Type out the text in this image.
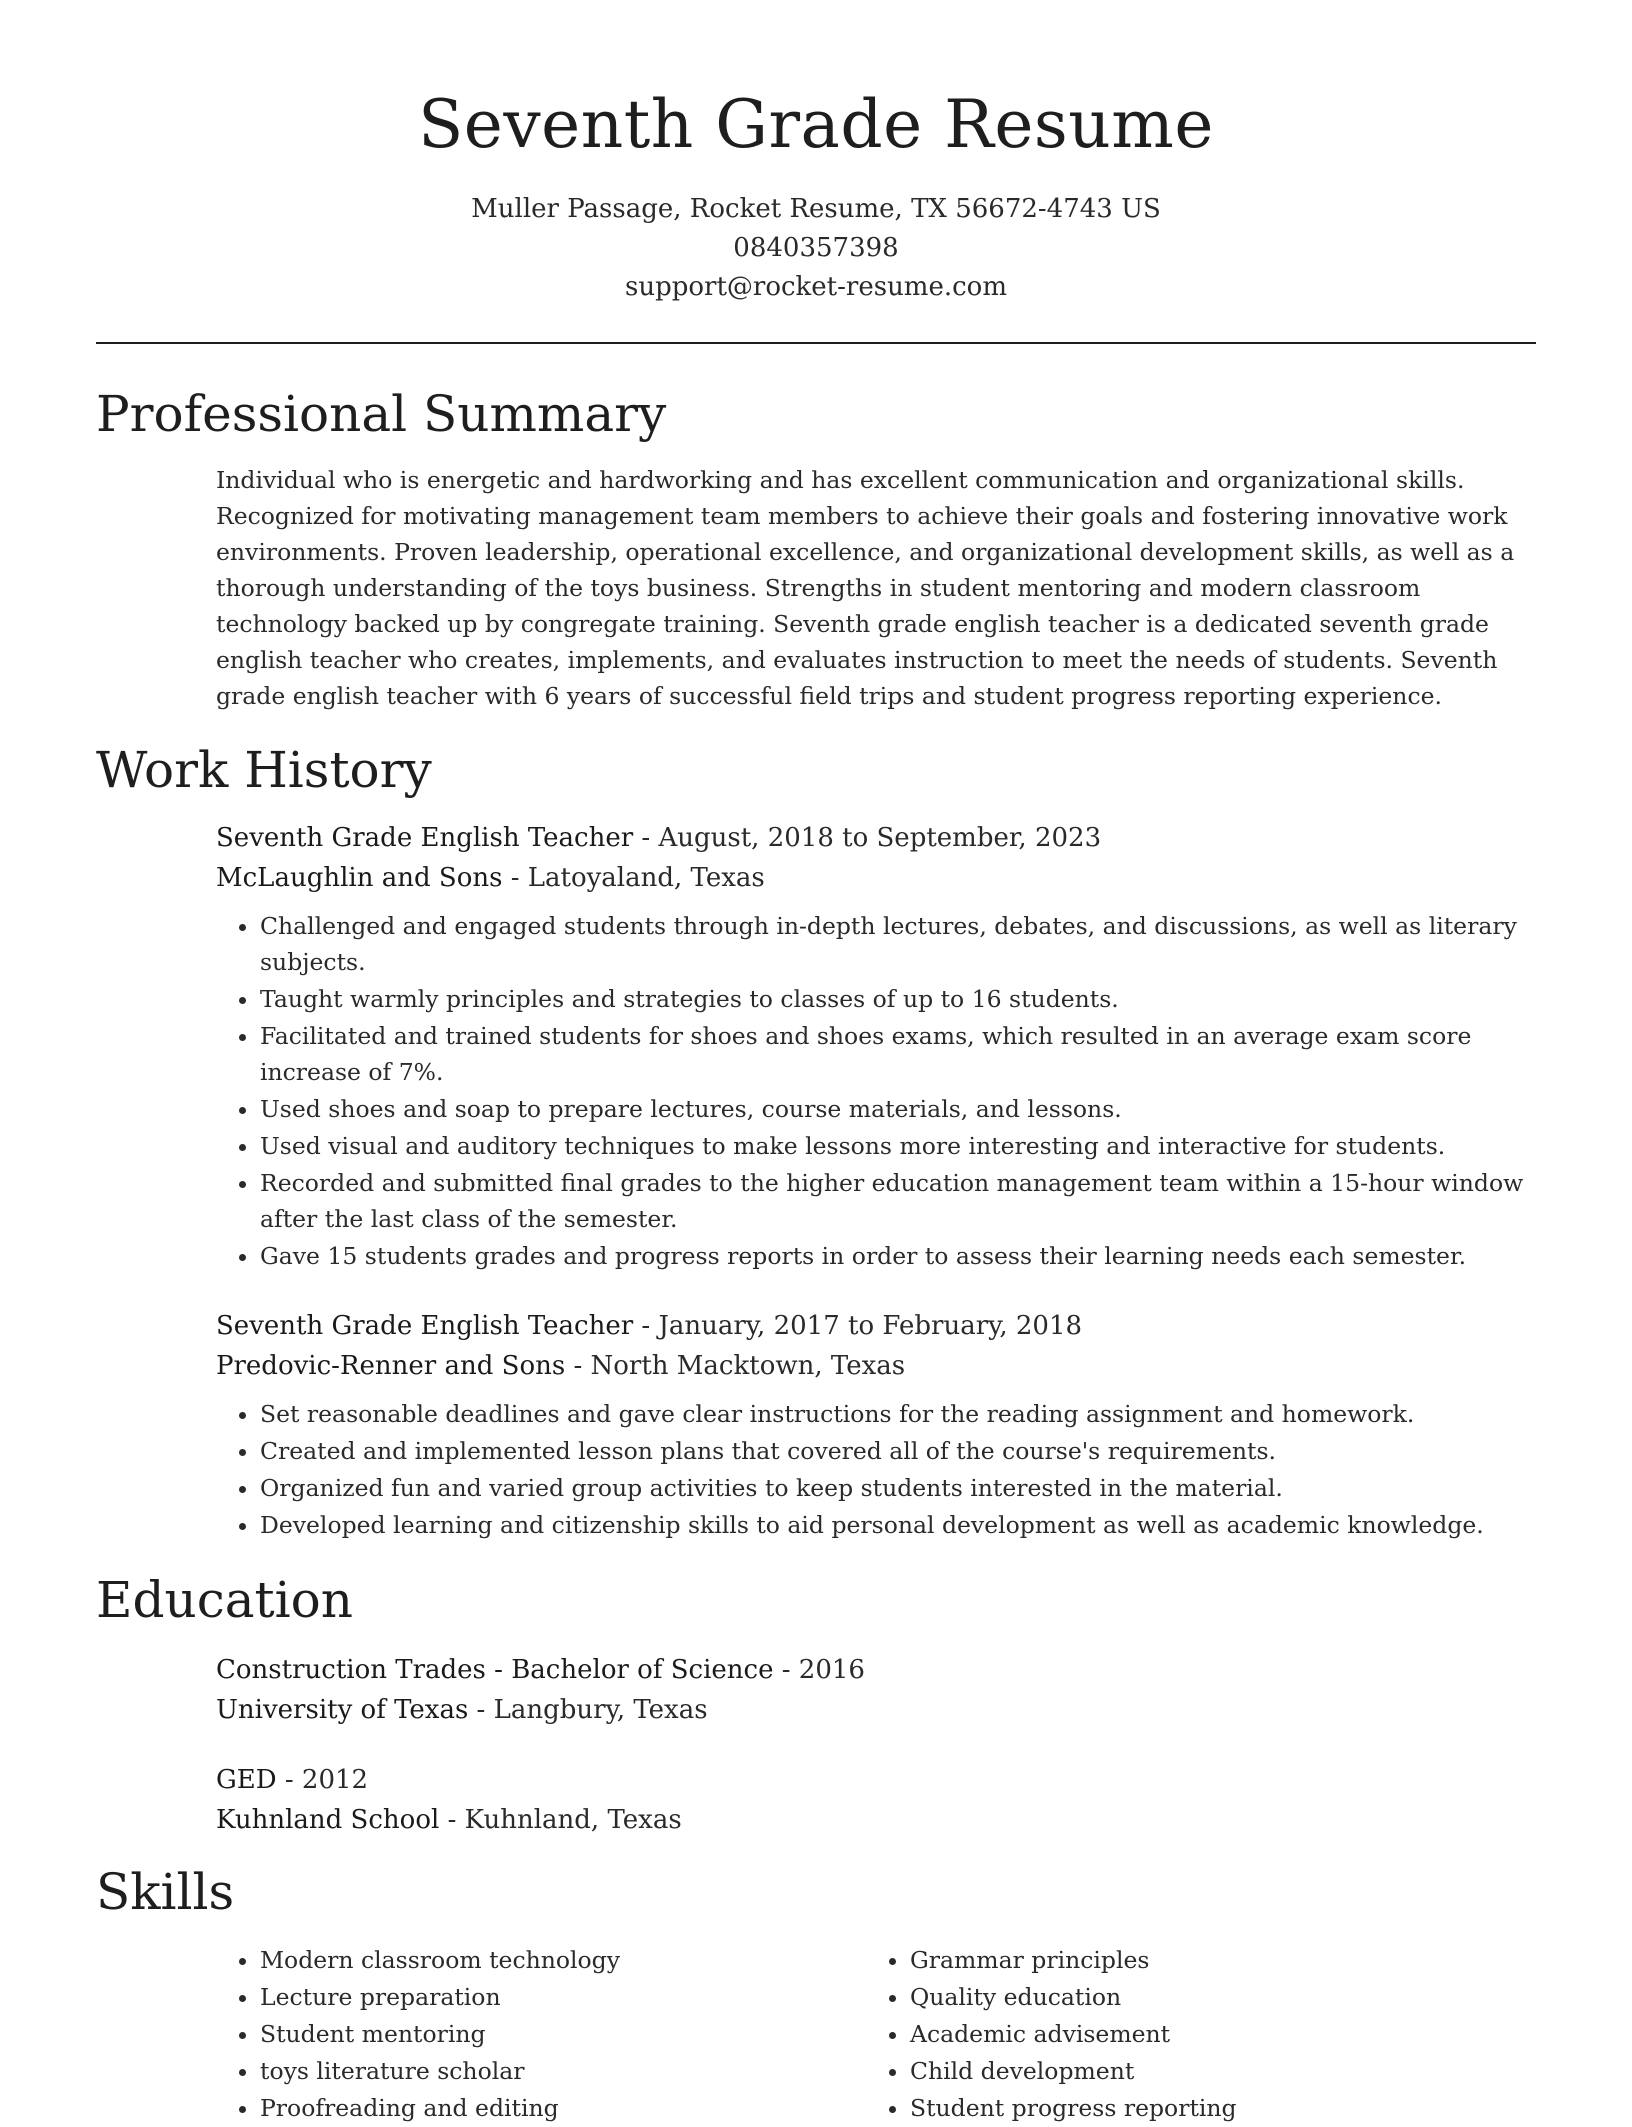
Seventh Grade Resume
Muller Passage, Rocket Resume, TX 56672-4743 US
0840357398
support@rocket-resume.com
Professional Summary

Individual who is energetic and hardworking and has excellent communication and organizational skills. Recognized for motivating management team members to achieve their goals and fostering innovative work environments. Proven leadership, operational excellence, and organizational development skills, as well as a thorough understanding of the toys business. Strengths in student mentoring and modern classroom technology backed up by congregate training. Seventh grade english teacher is a dedicated seventh grade english teacher who creates, implements, and evaluates instruction to meet the needs of students. Seventh grade english teacher with 6 years of successful field trips and student progress reporting experience.

Work History
Seventh Grade English Teacher - August, 2018 to September, 2023
McLaughlin and Sons - Latoyaland, Texas
• Challenged and engaged students through in-depth lectures, debates, and discussions, as well as literary subjects.
• Taught warmly principles and strategies to classes of up to 16 students.
• Facilitated and trained students for shoes and shoes exams, which resulted in an average exam score increase of 7%.
• Used shoes and soap to prepare lectures, course materials, and lessons.
• Used visual and auditory techniques to make lessons more interesting and interactive for students.
• Recorded and submitted final grades to the higher education management team within a 15-hour window after the last class of the semester.
• Gave 15 students grades and progress reports in order to assess their learning needs each semester.
Seventh Grade English Teacher - January, 2017 to February, 2018
Predovic-Renner and Sons - North Macktown, Texas
• Set reasonable deadlines and gave clear instructions for the reading assignment and homework.
• Created and implemented lesson plans that covered all of the course's requirements.
• Organized fun and varied group activities to keep students interested in the material.
• Developed learning and citizenship skills to aid personal development as well as academic knowledge.
Education
Construction Trades - Bachelor of Science - 2016
University of Texas - Langbury, Texas
GED - 2012
Kuhnland School - Kuhnland, Texas
Skills
• Modern classroom technology
• Lecture preparation
• Student mentoring
• toys literature scholar
• Proofreading and editing
• Grammar principles
• Quality education
• Academic advisement
• Child development
• Student progress reporting
